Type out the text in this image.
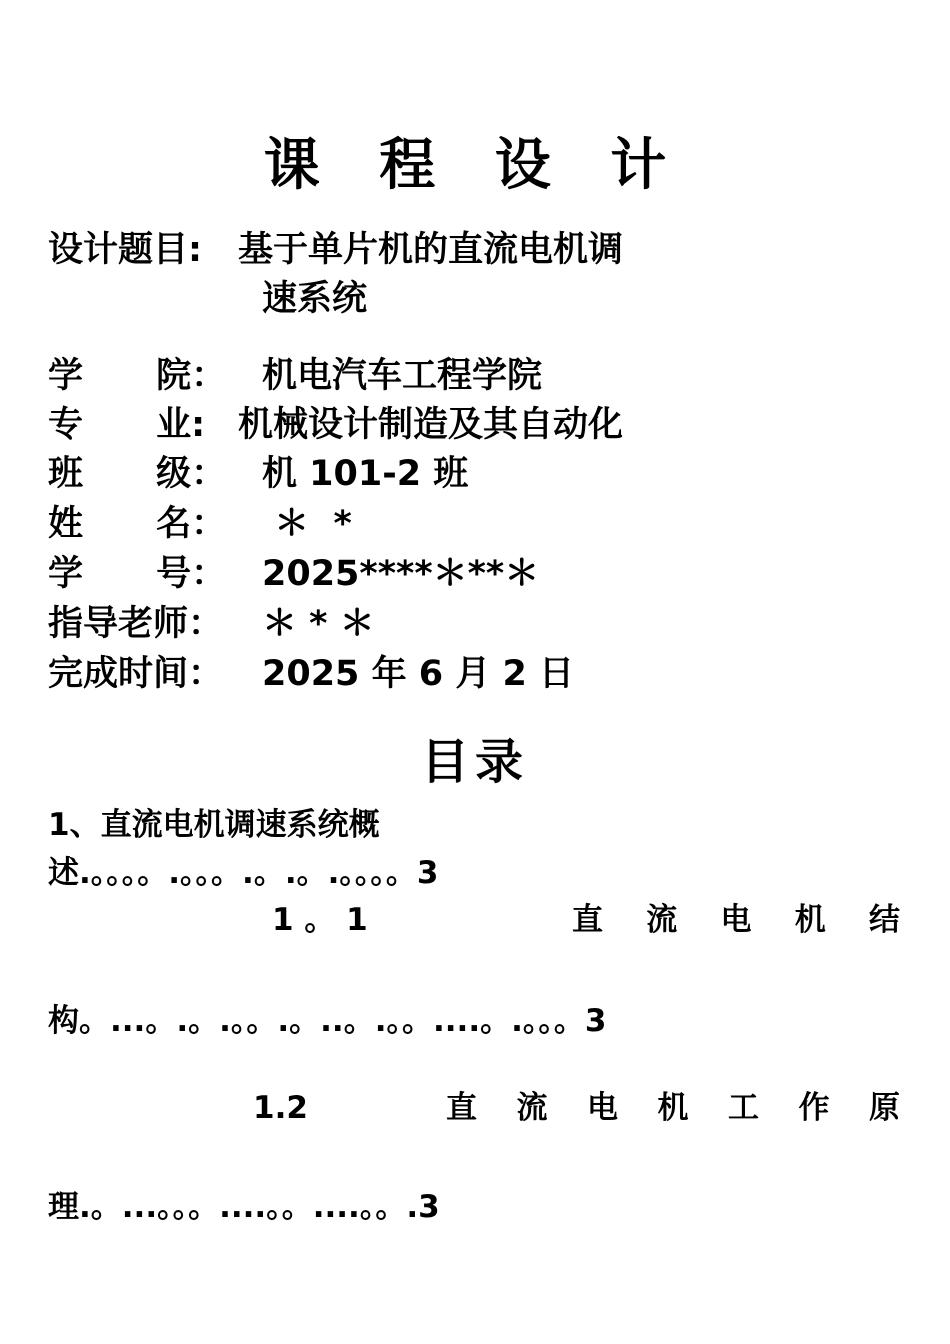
课 程 设 计
设计题目: 基于单片机的直流电机调
速系统
学      院： 机电汽车工程学院
专      业: 机械设计制造及其自动化
班      级： 机 101-2 班
姓      名： ＊  *
学      号： 2025****＊**＊
指导老师： ＊ * ＊
完成时间： 2025 年 6 月 2 日
目录
1、直流电机调速系统概
述.。。。。.。。。.。.。.。。。。3
1 。 1	直 流 电 机 结
构。...。.。.。。.。..。.。。....。.。。。3
1.2	直 流 电 机 工 作 原
理.。...。。。....。。....。。.3
